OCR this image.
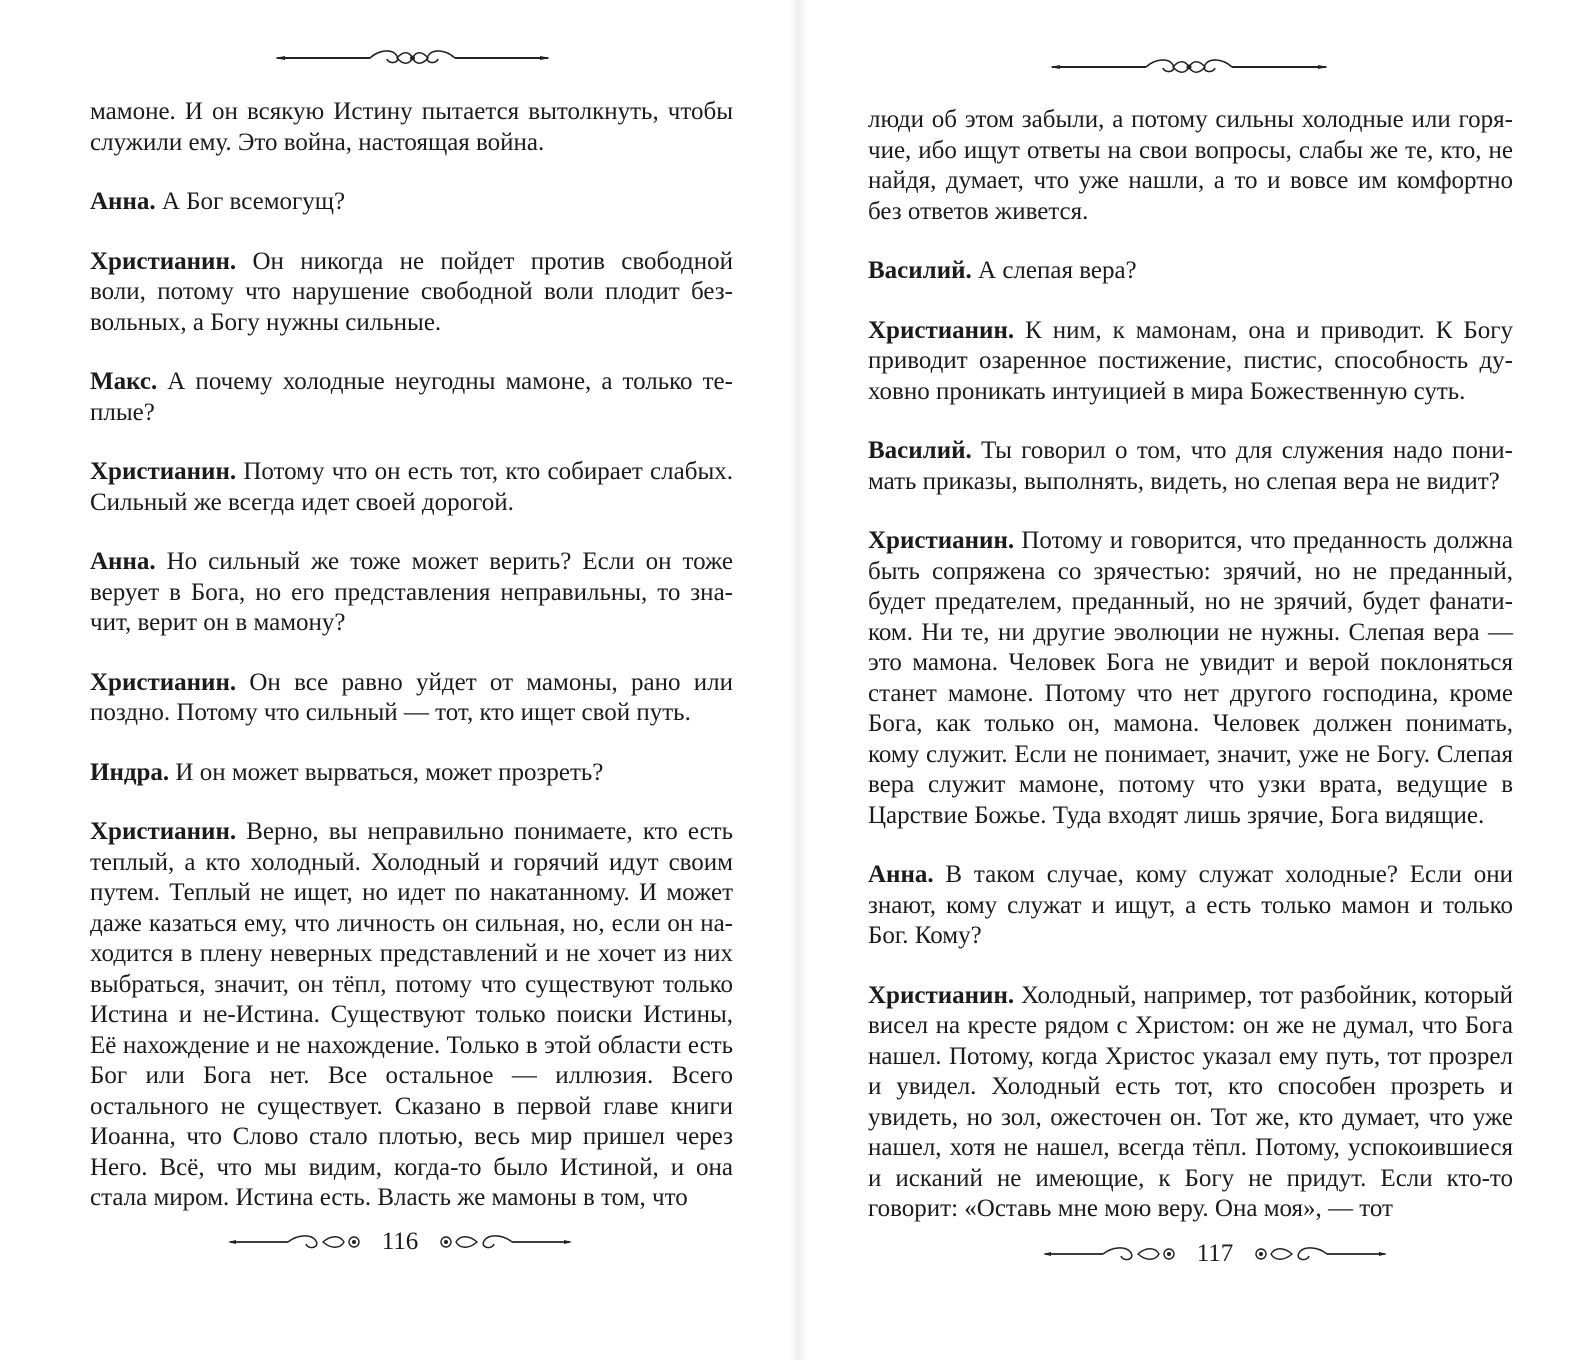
мамоне. И он всякую Истину пытается вытолкнуть, чтобы служили ему. Это война, настоящая война.

Анна. А Бог всемогущ?

Христианин. Он никогда не пойдет против свободной воли, потому что нарушение свободной воли плодит безвольных, а Богу нужны сильные.

Макс. А почему холодные неугодны мамоне, а только теплые?

Христианин. Потому что он есть тот, кто собирает слабых. Сильный же всегда идет своей дорогой.

Анна. Но сильный же тоже может верить? Если он тоже верует в Бога, но его представления неправильны, то значит, верит он в мамону?

Христианин. Он все равно уйдет от мамоны, рано или поздно. Потому что сильный — тот, кто ищет свой путь.

Индра. И он может вырваться, может прозреть?

Христианин. Верно, вы неправильно понимаете, кто есть теплый, а кто холодный. Холодный и горячий идут своим путем. Теплый не ищет, но идет по накатанному. И может даже казаться ему, что личность он сильная, но, если он находится в плену неверных представлений и не хочет из них выбраться, значит, он тёпл, потому что существуют только Истина и не-Истина. Существуют только поиски Истины, Её нахождение и не нахождение. Только в этой области есть Бог или Бога нет. Все остальное — иллюзия. Всего остального не существует. Сказано в первой главе книги Иоанна, что Слово стало плотью, весь мир пришел через Него. Всё, что мы видим, когда-то было Истиной, и она стала миром. Истина есть. Власть же мамоны в том, что

116

люди об этом забыли, а потому сильны холодные или горячие, ибо ищут ответы на свои вопросы, слабы же те, кто, не найдя, думает, что уже нашли, а то и вовсе им комфортно без ответов живется.

Василий. А слепая вера?

Христианин. К ним, к мамонам, она и приводит. К Богу приводит озаренное постижение, пистис, способность духовно проникать интуицией в мира Божественную суть.

Василий. Ты говорил о том, что для служения надо понимать приказы, выполнять, видеть, но слепая вера не видит?

Христианин. Потому и говорится, что преданность должна быть сопряжена со зрячестью: зрячий, но не преданный, будет предателем, преданный, но не зрячий, будет фанатиком. Ни те, ни другие эволюции не нужны. Слепая вера — это мамона. Человек Бога не увидит и верой поклоняться станет мамоне. Потому что нет другого господина, кроме Бога, как только он, мамона. Человек должен понимать, кому служит. Если не понимает, значит, уже не Богу. Слепая вера служит мамоне, потому что узки врата, ведущие в Царствие Божье. Туда входят лишь зрячие, Бога видящие.

Анна. В таком случае, кому служат холодные? Если они знают, кому служат и ищут, а есть только мамон и только Бог. Кому?

Христианин. Холодный, например, тот разбойник, который висел на кресте рядом с Христом: он же не думал, что Бога нашел. Потому, когда Христос указал ему путь, тот прозрел и увидел. Холодный есть тот, кто способен прозреть и увидеть, но зол, ожесточен он. Тот же, кто думает, что уже нашел, хотя не нашел, всегда тёпл. Потому, успокоившиеся и исканий не имеющие, к Богу не придут. Если кто-то говорит: «Оставь мне мою веру. Она моя», — тот

117
